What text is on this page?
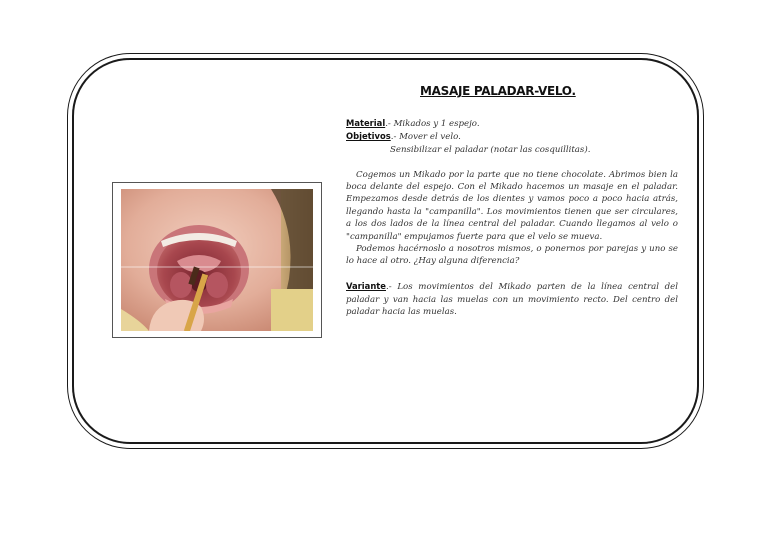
MASAJE PALADAR-VELO.

Material.- Mikados y 1 espejo.

Objetivos.- Mover el velo.

Sensibilizar el paladar (notar las cosquillitas).

Cogemos un Mikado por la parte que no tiene chocolate. Abrimos bien la boca delante del espejo. Con el Mikado hacemos un masaje en el paladar. Empezamos desde detrás de los dientes y vamos poco a poco hacia atrás, llegando hasta la "campanilla". Los movimientos tienen que ser circulares, a los dos lados de la línea central del paladar. Cuando llegamos al velo o "campanilla" empujamos fuerte para que el velo se mueva.

Podemos hacérnoslo a nosotros mismos, o ponernos por parejas y uno se lo hace al otro. ¿Hay alguna diferencia?

Variante.- Los movimientos del Mikado parten de la línea central del paladar y van hacia las muelas con un movimiento recto. Del centro del paladar hacia las muelas.
